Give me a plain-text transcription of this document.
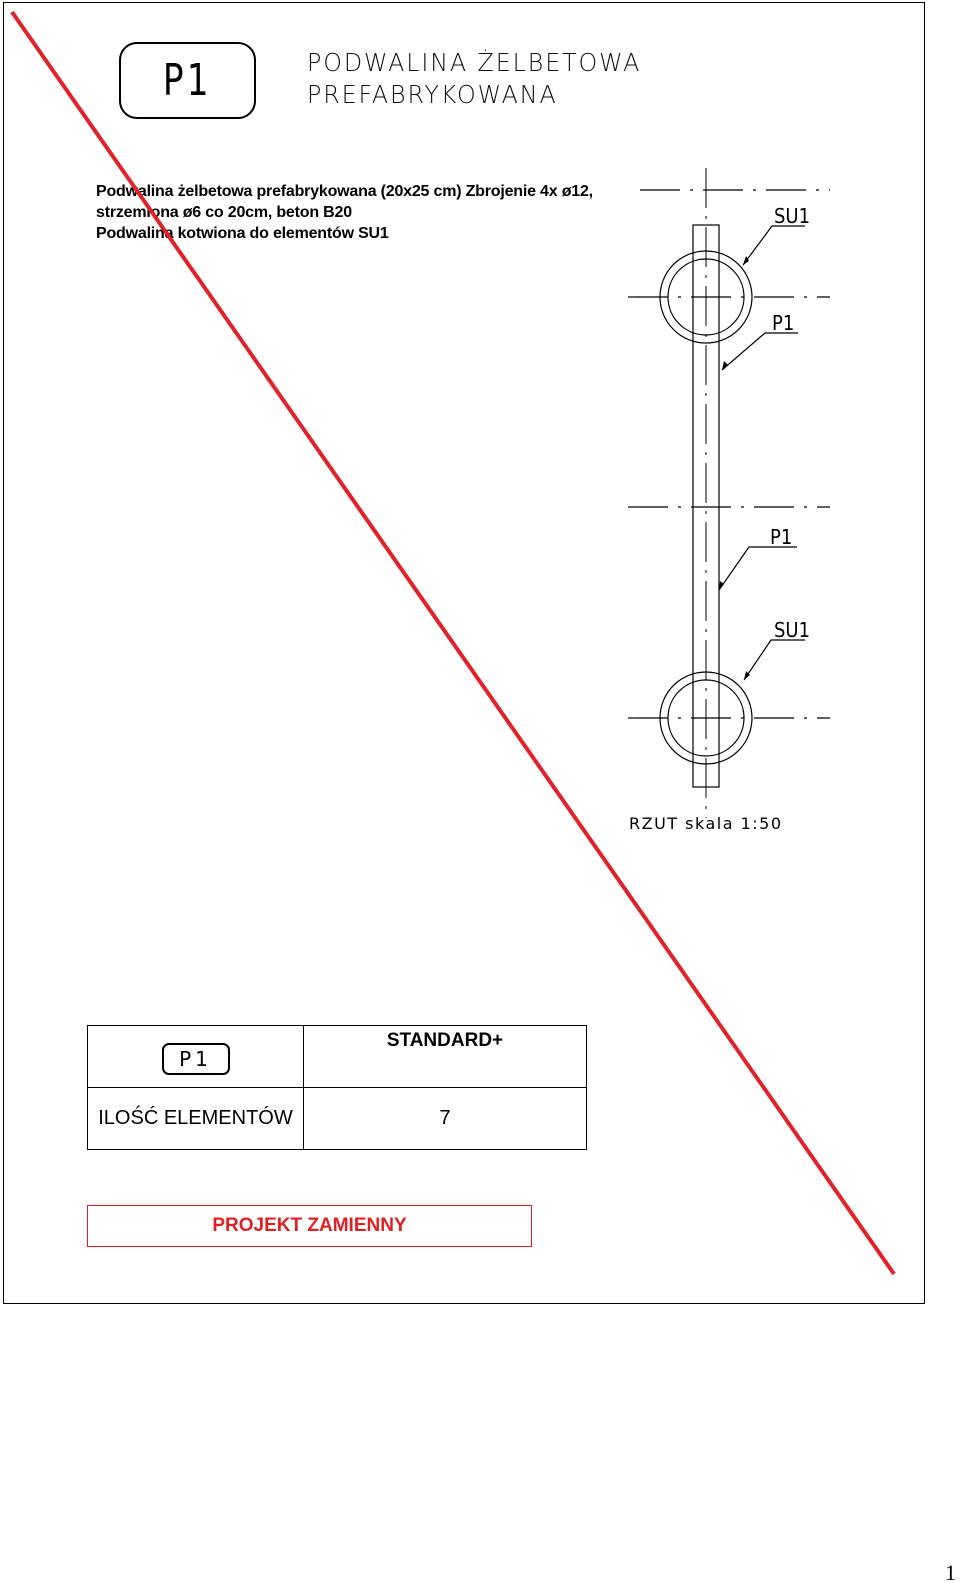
P1	PODWALINA ŻELBETOWA
PREFABRYKOWANA
Podwalina żelbetowa prefabrykowana (20x25 cm) Zbrojenie 4x ø12,
strzemiona ø6 co 20cm, beton B20
Podwalina kotwiona do elementów SU1
SU1
P1
P1
SU1
RZUT skala 1:50
P1	STANDARD+

ILOŚĆ ELEMENTÓW	7
PROJEKT ZAMIENNY
1
